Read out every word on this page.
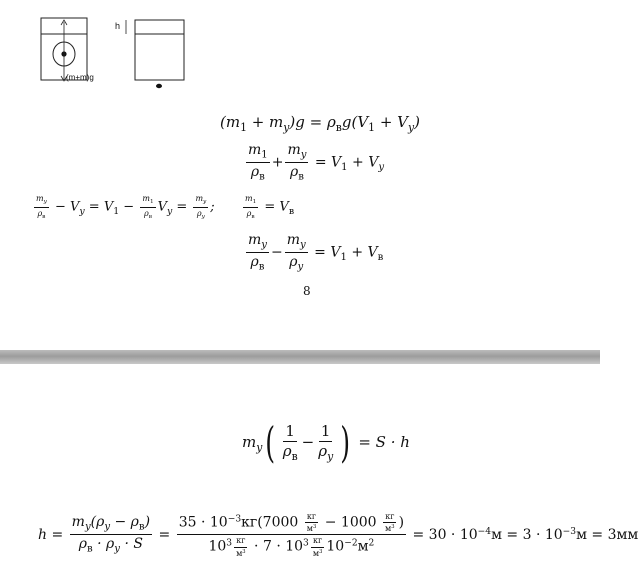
h
(m+m)g
$(m_1 + m_y)g = \rho_вg(V_1 + V_y)$
$\frac{m_1}{\rho_в} + \frac{m_y}{\rho_в} = V_1 + V_y$
$\frac{m_y}{\rho_в} - V_y = V_1 - \frac{m_1}{\rho_в} V_y = \frac{m_y}{\rho_y}$ ;	$\frac{m_1}{\rho_в} = V_в$
$\frac{m_y}{\rho_в} - \frac{m_y}{\rho_y} = V_1 + V_в$
8
$m_y( \frac{1}{\rho_в} - \frac{1}{\rho_y}$ ) = S · h
$h = \frac{m_y(\rho_y - \rho_в)}{\rho_в \cdot \rho_y \cdot S} = \frac{35 \cdot 10^{-3}кг(7000 \frac{кг}{м^3} - 1000 \frac{кг}{м^3} )}{10^3 \frac{кг}{м^3} \cdot 7 \cdot 10^3 \frac{кг}{м^3} 10^{-2}м^2} = 30 \cdot 10^{-4}м = 3 \cdot 10^{-3}м = 3мм$
